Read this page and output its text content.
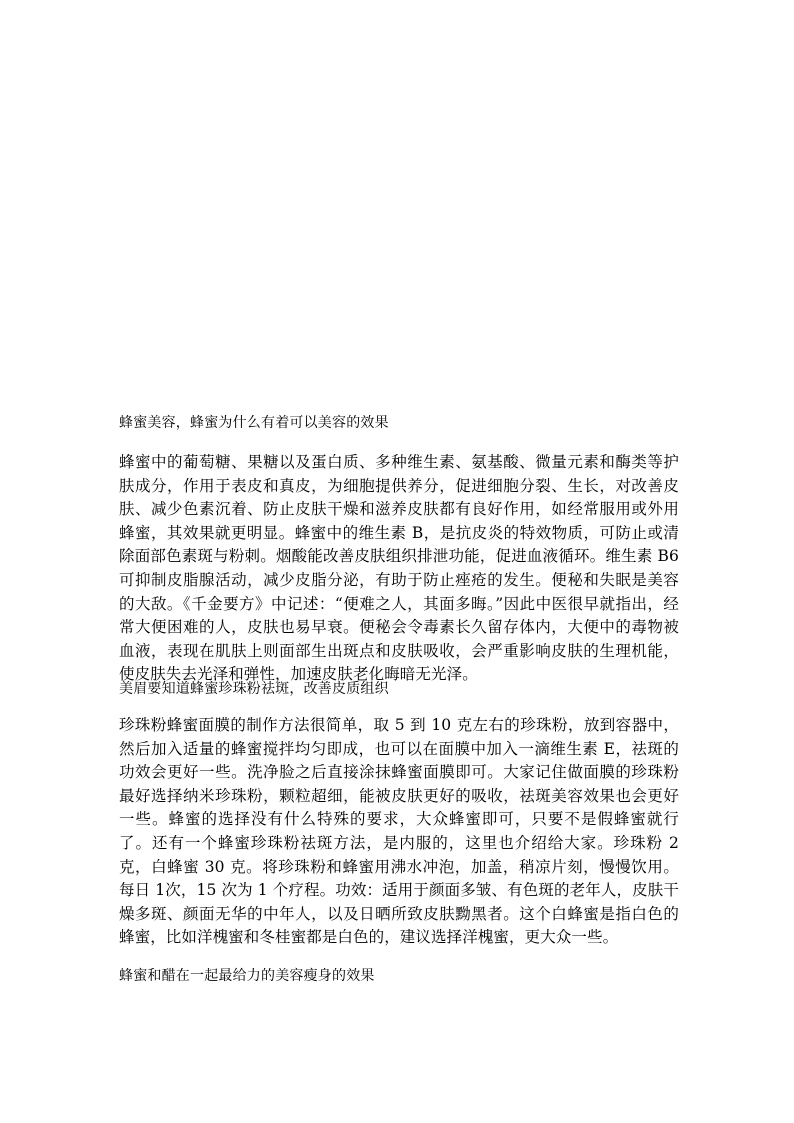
蜂蜜美容，蜂蜜为什么有着可以美容的效果
蜂蜜中的葡萄糖、果糖以及蛋白质、多种维生素、氨基酸、微量元素和酶类等护肤成分，作用于表皮和真皮，为细胞提供养分，促进细胞分裂、生长，对改善皮肤、减少色素沉着、防止皮肤干燥和滋养皮肤都有良好作用，如经常服用或外用蜂蜜，其效果就更明显。蜂蜜中的维生素 B，是抗皮炎的特效物质，可防止或清除面部色素斑与粉刺。烟酸能改善皮肤组织排泄功能，促进血液循环。维生素 B6可抑制皮脂腺活动，减少皮脂分泌，有助于防止痤疮的发生。便秘和失眠是美容的大敌。《千金要方》中记述：“便难之人，其面多晦。”因此中医很早就指出，经常大便困难的人，皮肤也易早衰。便秘会令毒素长久留存体内，大便中的毒物被血液，表现在肌肤上则面部生出斑点和皮肤吸收，会严重影响皮肤的生理机能，使皮肤失去光泽和弹性，加速皮肤老化晦暗无光泽。
美眉要知道蜂蜜珍珠粉祛斑，改善皮质组织
珍珠粉蜂蜜面膜的制作方法很简单，取 5 到 10 克左右的珍珠粉，放到容器中，然后加入适量的蜂蜜搅拌均匀即成，也可以在面膜中加入一滴维生素 E，祛斑的功效会更好一些。洗净脸之后直接涂抹蜂蜜面膜即可。大家记住做面膜的珍珠粉最好选择纳米珍珠粉，颗粒超细，能被皮肤更好的吸收，祛斑美容效果也会更好一些。蜂蜜的选择没有什么特殊的要求，大众蜂蜜即可，只要不是假蜂蜜就行了。还有一个蜂蜜珍珠粉祛斑方法，是内服的，这里也介绍给大家。珍珠粉 2 克，白蜂蜜 30 克。将珍珠粉和蜂蜜用沸水冲泡，加盖，稍凉片刻，慢慢饮用。每日 1次，15 次为 1 个疗程。功效：适用于颜面多皱、有色斑的老年人，皮肤干燥多斑、颜面无华的中年人，以及日晒所致皮肤黝黑者。这个白蜂蜜是指白色的蜂蜜，比如洋槐蜜和冬桂蜜都是白色的，建议选择洋槐蜜，更大众一些。
蜂蜜和醋在一起最给力的美容瘦身的效果
